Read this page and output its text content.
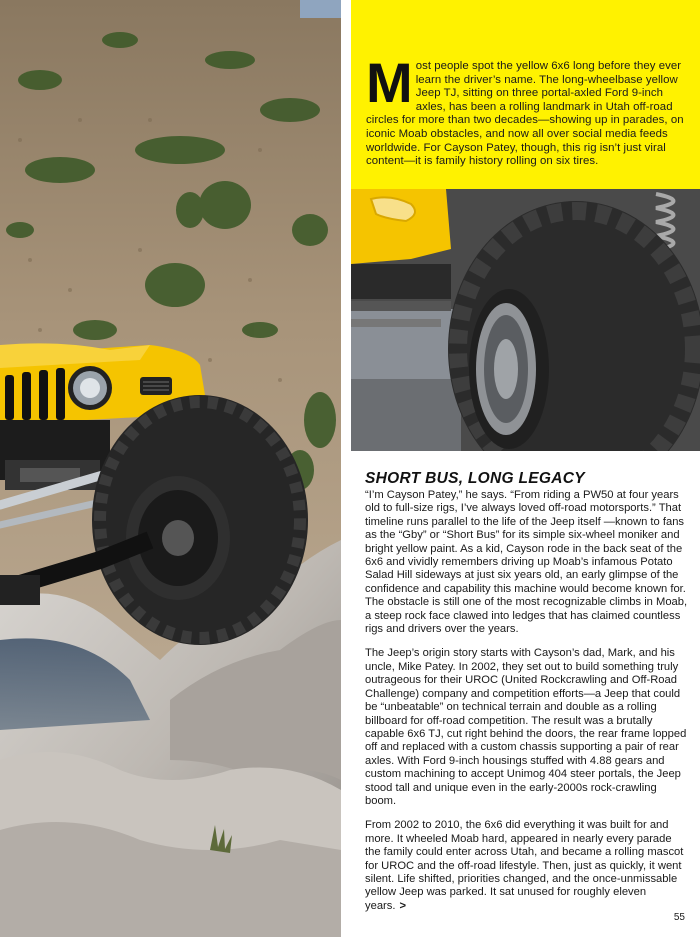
Most people spot the yellow 6x6 long before they ever learn the driver’s name. The long-wheelbase yellow Jeep TJ, sitting on three portal-axled Ford 9-inch axles, has been a rolling landmark in Utah off-road circles for more than two decades—showing up in parades, on iconic Moab obstacles, and now all over social media feeds worldwide. For Cayson Patey, though, this rig isn’t just viral content—it is family history rolling on six tires.
SHORT BUS, LONG LEGACY

“I’m Cayson Patey,” he says. “From riding a PW50 at four years old to full-size rigs, I’ve always loved off-road motorsports.” That timeline runs parallel to the life of the Jeep itself —known to fans as the “Gby” or “Short Bus” for its simple six-wheel moniker and bright yellow paint. As a kid, Cayson rode in the back seat of the 6x6 and vividly remembers driving up Moab’s infamous Potato Salad Hill sideways at just six years old, an early glimpse of the confidence and capability this machine would become known for. The obstacle is still one of the most recognizable climbs in Moab, a steep rock face clawed into ledges that has claimed countless rigs and drivers over the years.

The Jeep’s origin story starts with Cayson’s dad, Mark, and his uncle, Mike Patey. In 2002, they set out to build something truly outrageous for their UROC (United Rockcrawling and Off-Road Challenge) company and competition efforts—a Jeep that could be “unbeatable” on technical terrain and double as a rolling billboard for off-road competition. The result was a brutally capable 6x6 TJ, cut right behind the doors, the rear frame lopped off and replaced with a custom chassis supporting a pair of rear axles. With Ford 9-inch housings stuffed with 4.88 gears and custom machining to accept Unimog 404 steer portals, the Jeep stood tall and unique even in the early-2000s rock-crawling boom.

From 2002 to 2010, the 6x6 did everything it was built for and more. It wheeled Moab hard, appeared in nearly every parade the family could enter across Utah, and became a rolling mascot for UROC and the off-road lifestyle. Then, just as quickly, it went silent. Life shifted, priorities changed, and the once-unmissable yellow Jeep was parked. It sat unused for roughly eleven years. >

55
